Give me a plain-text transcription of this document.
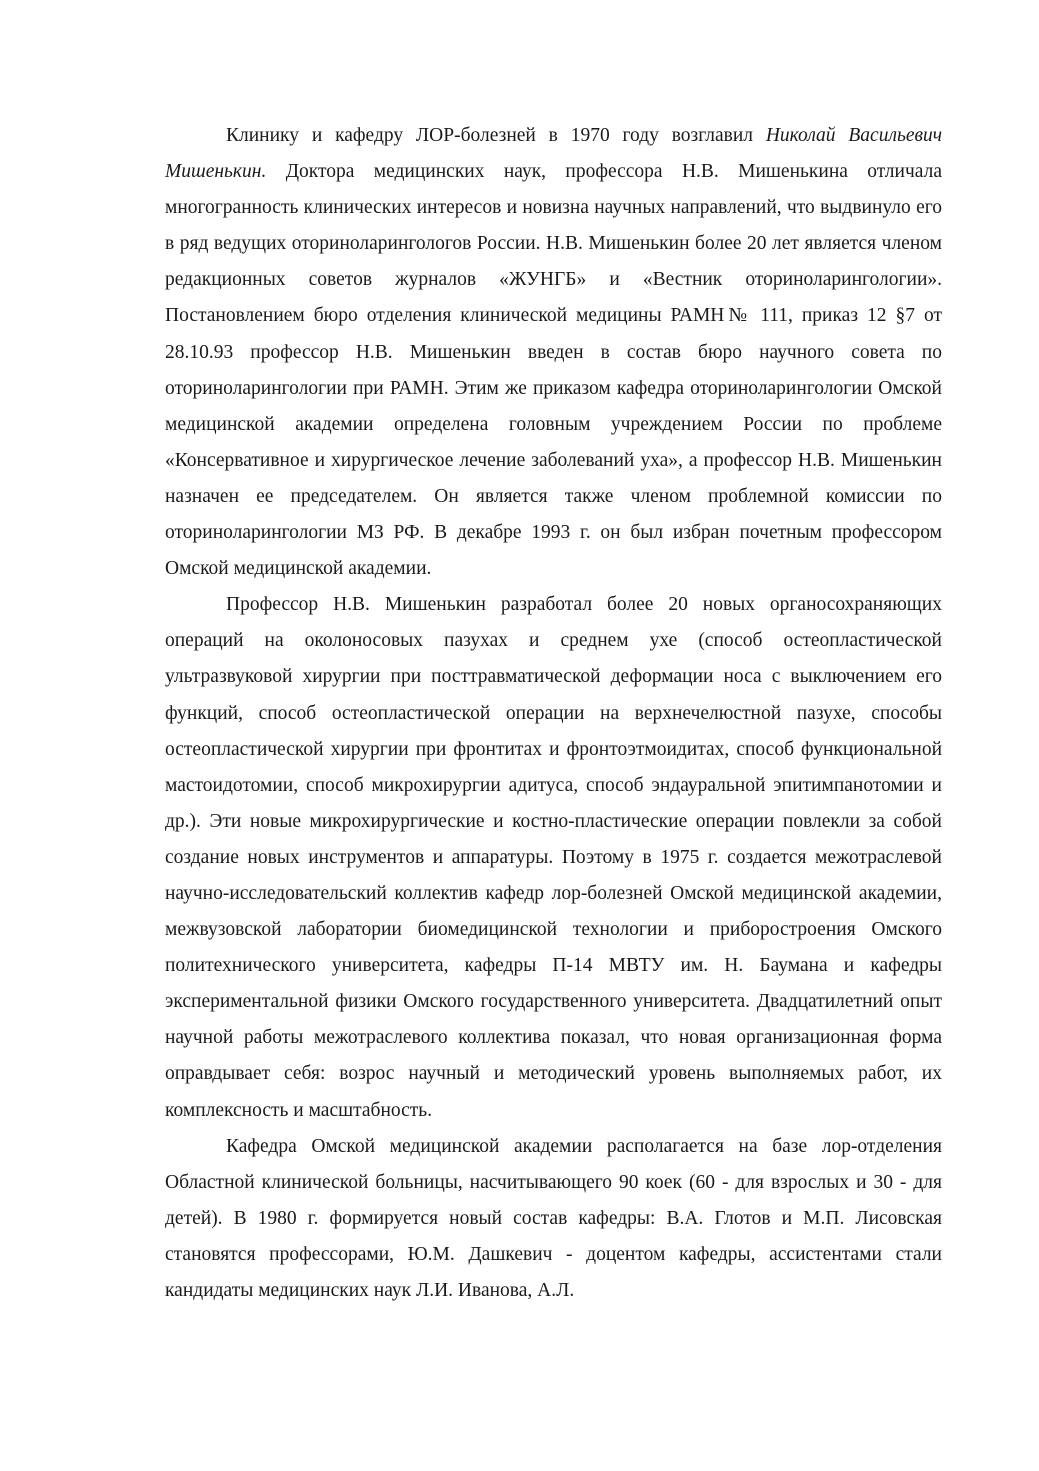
Клинику и кафедру ЛОР-болезней в 1970 году возглавил Николай Васильевич Мишенькин. Доктора медицинских наук, профессора Н.В. Мишенькина отличала многогранность клинических интересов и новизна научных направлений, что выдвинуло его в ряд ведущих оториноларингологов России. Н.В. Мишенькин более 20 лет является членом редакционных советов журналов «ЖУНГБ» и «Вестник оториноларингологии». Постановлением бюро отделения клинической медицины РАМН№ 111, приказ 12 §7 от 28.10.93 профессор Н.В. Мишенькин введен в состав бюро научного совета по оториноларингологии при РАМН. Этим же приказом кафедра оториноларингологии Омской медицинской академии определена головным учреждением России по проблеме «Консервативное и хирургическое лечение заболеваний уха», а профессор Н.В. Мишенькин назначен ее председателем. Он является также членом проблемной комиссии по оториноларингологии МЗ РФ. В декабре 1993 г. он был избран почетным профессором Омской медицинской академии.

Профессор Н.В. Мишенькин разработал более 20 новых органосохраняющих операций на околоносовых пазухах и среднем ухе (способ остеопластической ультразвуковой хирургии при посттравматической деформации носа с выключением его функций, способ остеопластической операции на верхнечелюстной пазухе, способы остеопластической хирургии при фронтитах и фронтоэтмоидитах, способ функциональной мастоидотомии, способ микрохирургии адитуса, способ эндауральной эпитимпанотомии и др.). Эти новые микрохирургические и костно-пластические операции повлекли за собой создание новых инструментов и аппаратуры. Поэтому в 1975 г. создается межотраслевой научно-исследовательский коллектив кафедр лор-болезней Омской медицинской академии, межвузовской лаборатории биомедицинской технологии и приборостроения Омского политехнического университета, кафедры П-14 МВТУ им. Н. Баумана и кафедры экспериментальной физики Омского государственного университета. Двадцатилетний опыт научной работы межотраслевого коллектива показал, что новая организационная форма оправдывает себя: возрос научный и методический уровень выполняемых работ, их комплексность и масштабность.

Кафедра Омской медицинской академии располагается на базе лор-отделения Областной клинической больницы, насчитывающего 90 коек (60 - для взрослых и 30 - для детей). В 1980 г. формируется новый состав кафедры: В.А. Глотов и М.П. Лисовская становятся профессорами, Ю.М. Дашкевич - доцентом кафедры, ассистентами стали кандидаты медицинских наук Л.И. Иванова, А.Л.
